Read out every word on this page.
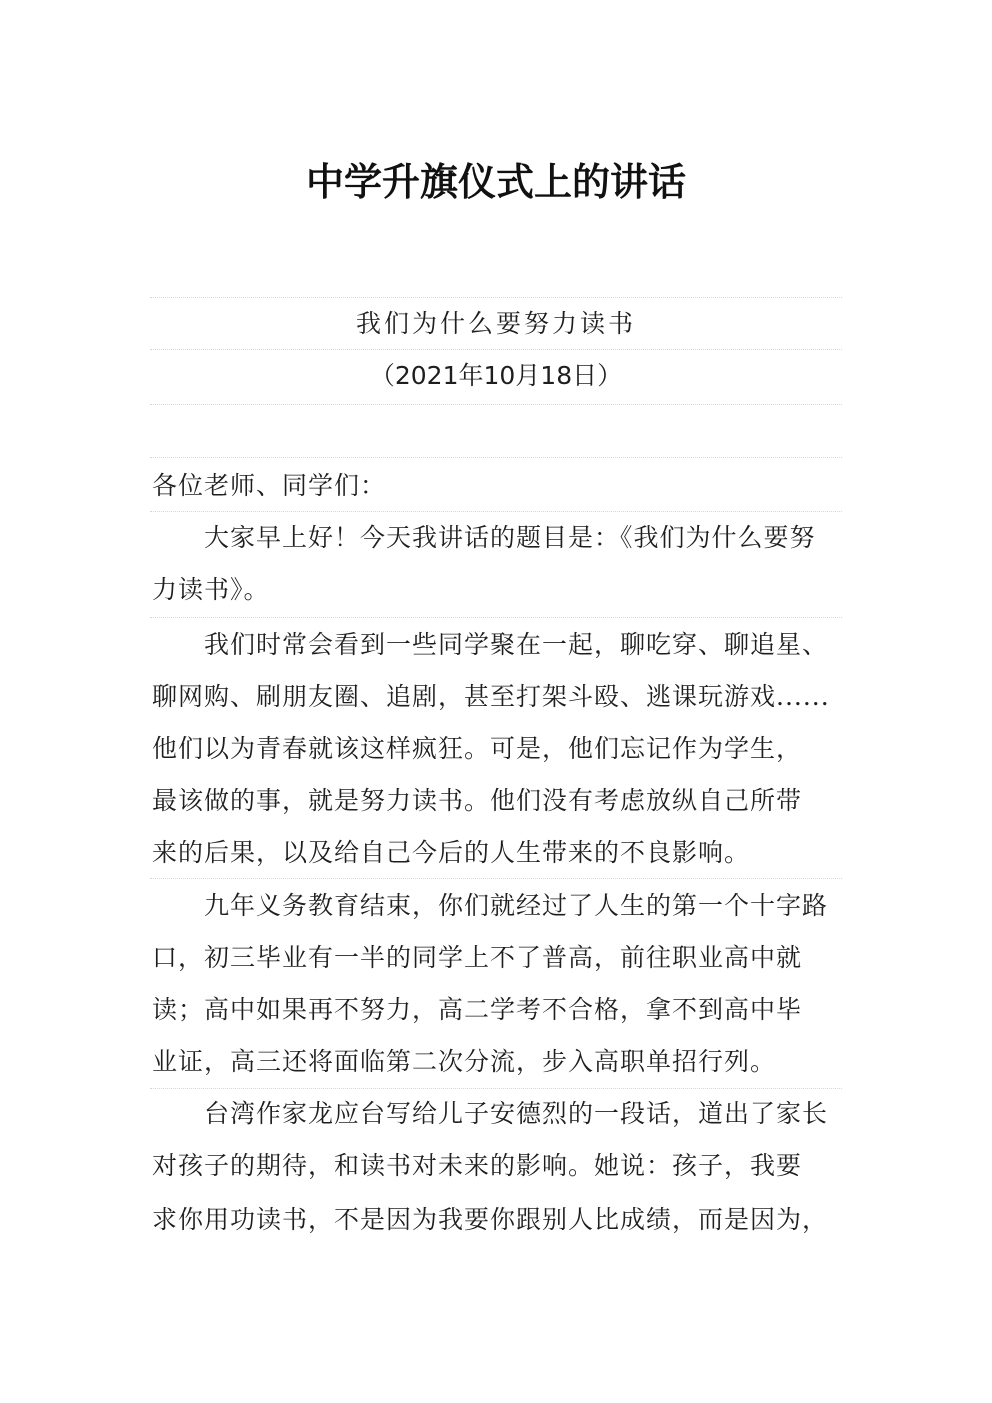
中学升旗仪式上的讲话
我们为什么要努力读书
（2021年10月18日）
各位老师、同学们：
　　大家早上好！今天我讲话的题目是：《我们为什么要努
力读书》。
　　我们时常会看到一些同学聚在一起，聊吃穿、聊追星、
聊网购、刷朋友圈、追剧，甚至打架斗殴、逃课玩游戏......
他们以为青春就该这样疯狂。可是，他们忘记作为学生，
最该做的事，就是努力读书。他们没有考虑放纵自己所带
来的后果，以及给自己今后的人生带来的不良影响。
　　九年义务教育结束，你们就经过了人生的第一个十字路
口，初三毕业有一半的同学上不了普高，前往职业高中就
读；高中如果再不努力，高二学考不合格，拿不到高中毕
业证，高三还将面临第二次分流，步入高职单招行列。
　　台湾作家龙应台写给儿子安德烈的一段话，道出了家长
对孩子的期待，和读书对未来的影响。她说：孩子，我要
求你用功读书，不是因为我要你跟别人比成绩，而是因为，
